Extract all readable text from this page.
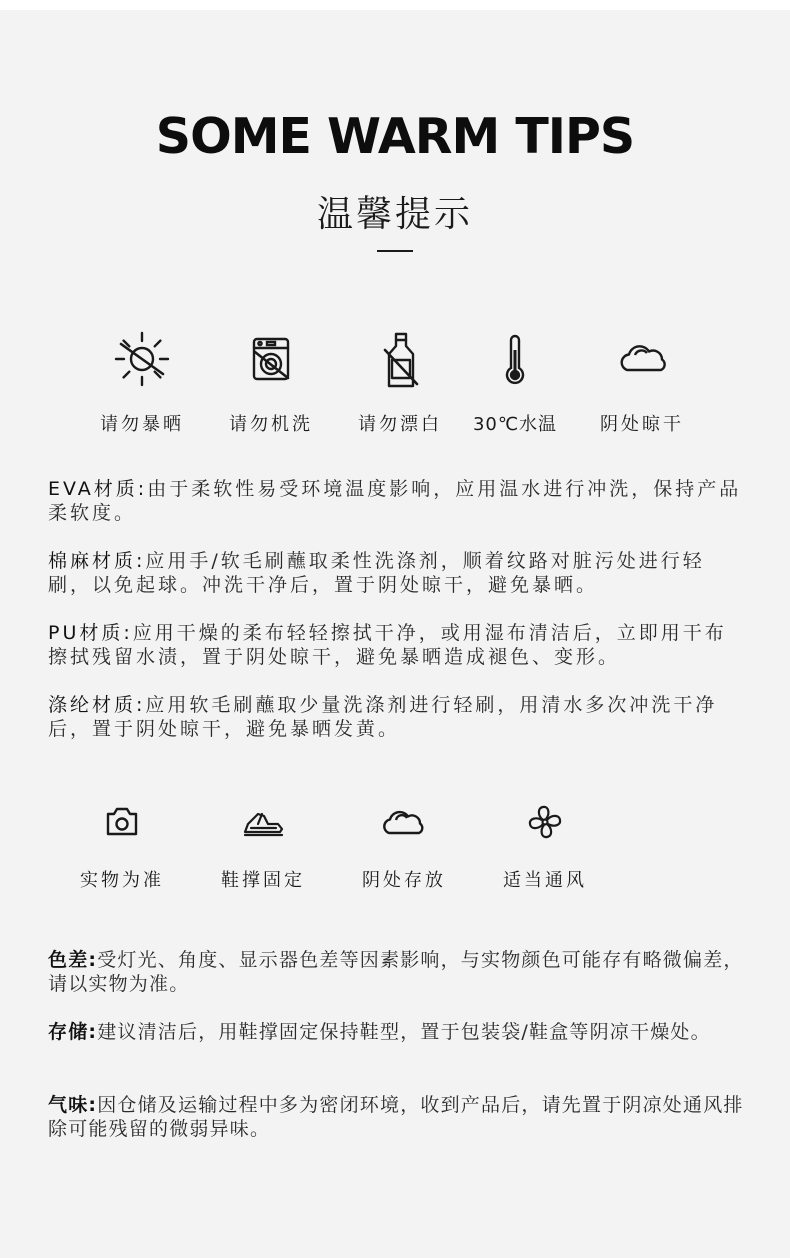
SOME WARM TIPS
温馨提示
请勿暴晒	请勿机洗	请勿漂白	30℃水温	阴处晾干
EVA材质:由于柔软性易受环境温度影响，应用温水进行冲洗，保持产品柔软度。
棉麻材质:应用手/软毛刷蘸取柔性洗涤剂，顺着纹路对脏污处进行轻刷，以免起球。冲洗干净后，置于阴处晾干，避免暴晒。
PU材质:应用干燥的柔布轻轻擦拭干净，或用湿布清洁后，立即用干布擦拭残留水渍，置于阴处晾干，避免暴晒造成褪色、变形。
涤纶材质:应用软毛刷蘸取少量洗涤剂进行轻刷，用清水多次冲洗干净后，置于阴处晾干，避免暴晒发黄。
实物为准	鞋撑固定	阴处存放	适当通风
色差:受灯光、角度、显示器色差等因素影响，与实物颜色可能存有略微偏差，请以实物为准。
存储:建议清洁后，用鞋撑固定保持鞋型，置于包装袋/鞋盒等阴凉干燥处。
气味:因仓储及运输过程中多为密闭环境，收到产品后，请先置于阴凉处通风排除可能残留的微弱异味。
